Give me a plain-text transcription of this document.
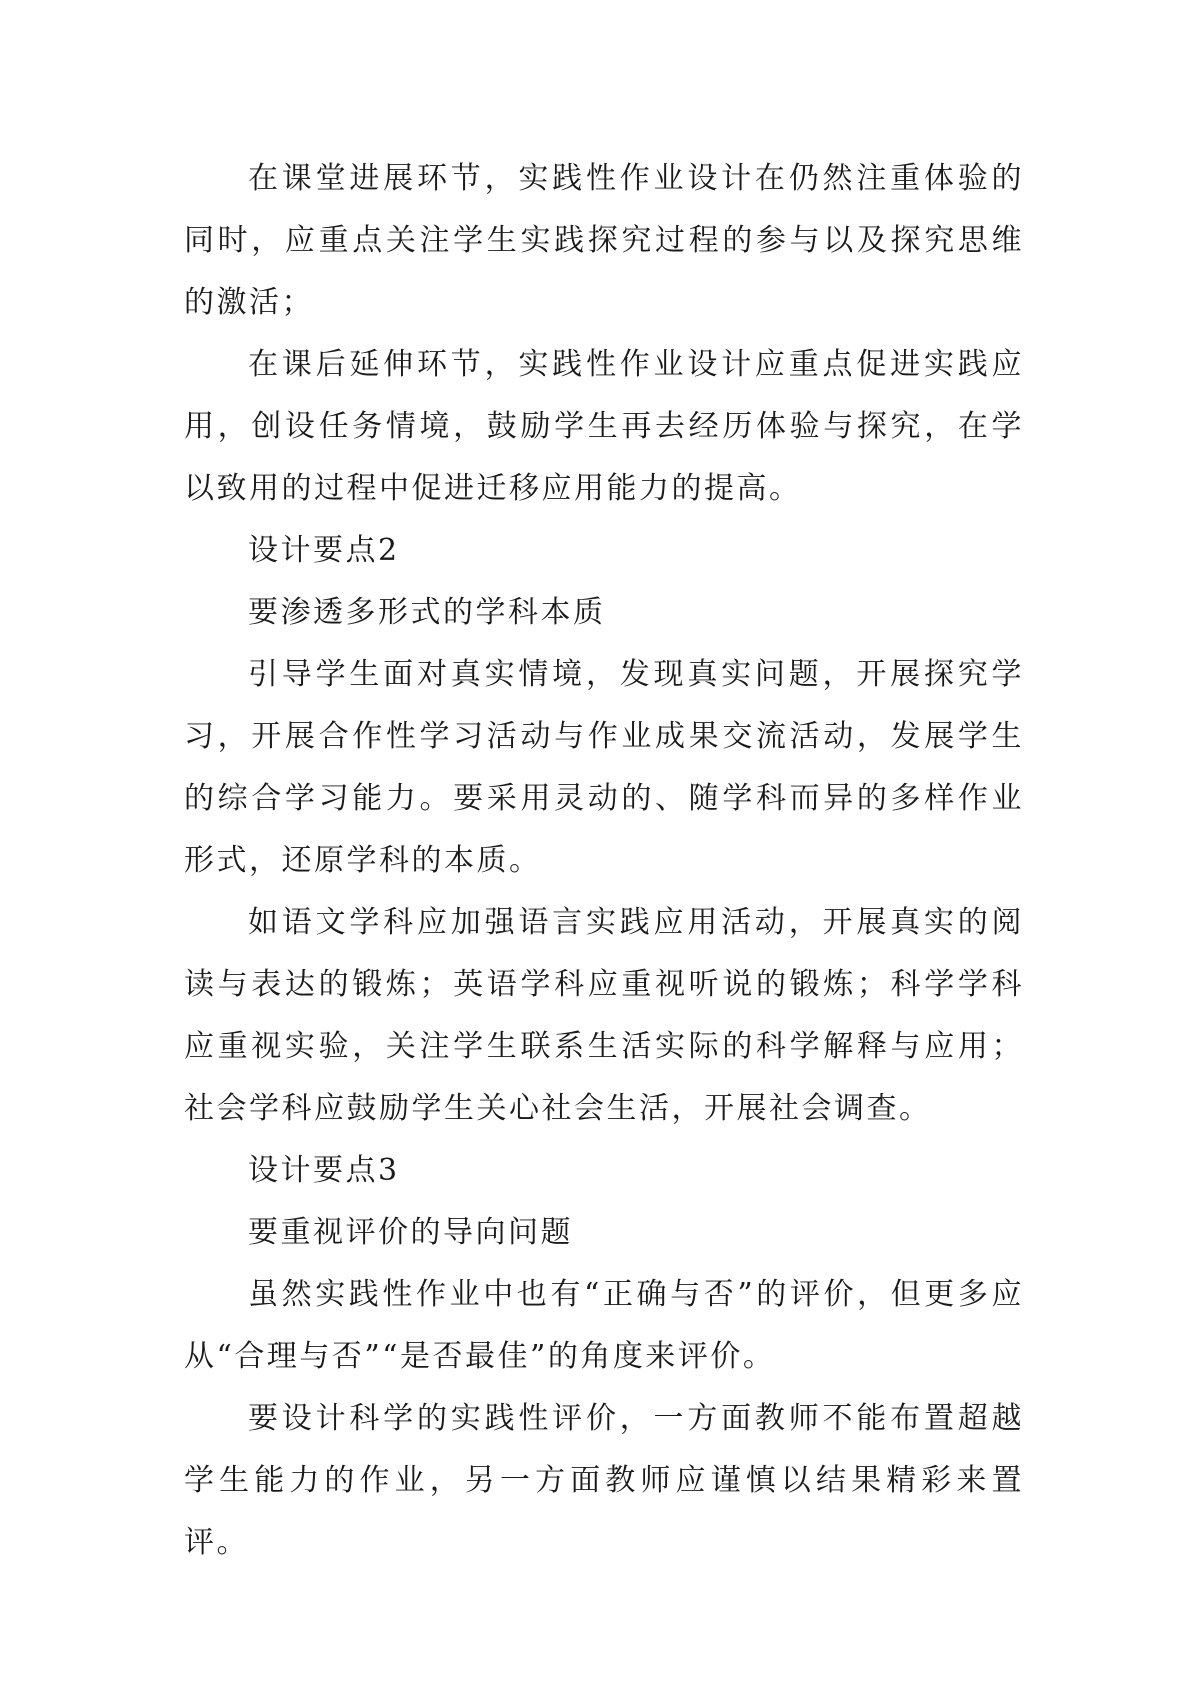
在课堂进展环节，实践性作业设计在仍然注重体验的同时，应重点关注学生实践探究过程的参与以及探究思维的激活；

在课后延伸环节，实践性作业设计应重点促进实践应用，创设任务情境，鼓励学生再去经历体验与探究，在学以致用的过程中促进迁移应用能力的提高。

设计要点2

要渗透多形式的学科本质

引导学生面对真实情境，发现真实问题，开展探究学习，开展合作性学习活动与作业成果交流活动，发展学生的综合学习能力。要采用灵动的、随学科而异的多样作业形式，还原学科的本质。

如语文学科应加强语言实践应用活动，开展真实的阅读与表达的锻炼；英语学科应重视听说的锻炼；科学学科应重视实验，关注学生联系生活实际的科学解释与应用；社会学科应鼓励学生关心社会生活，开展社会调查。

设计要点3

要重视评价的导向问题

虽然实践性作业中也有“正确与否”的评价，但更多应从“合理与否”“是否最佳”的角度来评价。

要设计科学的实践性评价，一方面教师不能布置超越学生能力的作业，另一方面教师应谨慎以结果精彩来置评。
